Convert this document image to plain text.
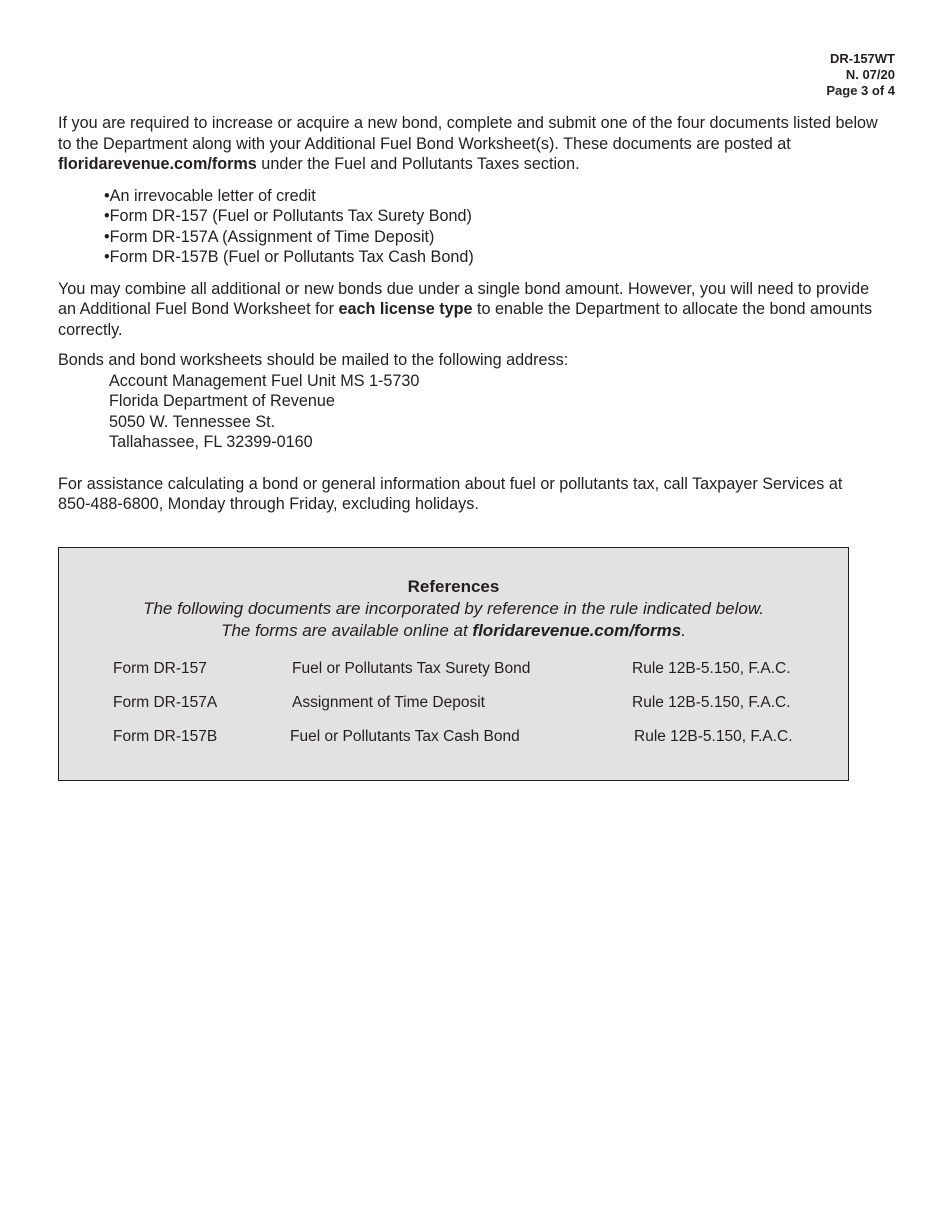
DR-157WT
N. 07/20
Page 3 of 4

If you are required to increase or acquire a new bond, complete and submit one of the four documents listed below to the Department along with your Additional Fuel Bond Worksheet(s). These documents are posted at floridarevenue.com/forms under the Fuel and Pollutants Taxes section.

• An irrevocable letter of credit
• Form DR-157 (Fuel or Pollutants Tax Surety Bond)
• Form DR-157A (Assignment of Time Deposit)
• Form DR-157B (Fuel or Pollutants Tax Cash Bond)

You may combine all additional or new bonds due under a single bond amount. However, you will need to provide an Additional Fuel Bond Worksheet for each license type to enable the Department to allocate the bond amounts correctly.

Bonds and bond worksheets should be mailed to the following address:

Account Management Fuel Unit MS 1-5730
Florida Department of Revenue
5050 W. Tennessee St.
Tallahassee, FL 32399-0160

For assistance calculating a bond or general information about fuel or pollutants tax, call Taxpayer Services at 850-488-6800, Monday through Friday, excluding holidays.

References
The following documents are incorporated by reference in the rule indicated below.
The forms are available online at floridarevenue.com/forms.
Form DR-157	Fuel or Pollutants Tax Surety Bond	Rule 12B-5.150, F.A.C.
Form DR-157A	Assignment of Time Deposit	Rule 12B-5.150, F.A.C.
Form DR-157B	Fuel or Pollutants Tax Cash Bond	Rule 12B-5.150, F.A.C.
